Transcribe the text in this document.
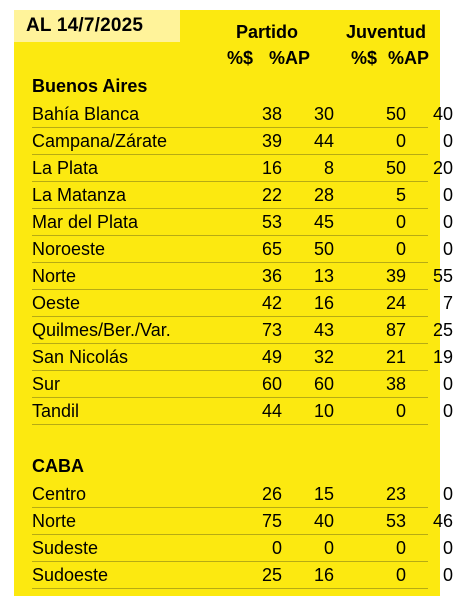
AL 14/7/2025	Partido	Juventud
%$ %AP	%$ %AP
Buenos Aires
Bahía Blanca	38	30	50	40
Campana/Zárate	39	44	0	0
La Plata	16	8	50	20
La Matanza	22	28	5	0
Mar del Plata	53	45	0	0
Noroeste	65	50	0	0
Norte	36	13	39	55
Oeste	42	16	24	7
Quilmes/Ber./Var.	73	43	87	25
San Nicolás	49	32	21	19
Sur	60	60	38	0
Tandil	44	10	0	0
CABA
Centro	26	15	23	0
Norte	75	40	53	46
Sudeste	0	0	0	0
Sudoeste	25	16	0	0
